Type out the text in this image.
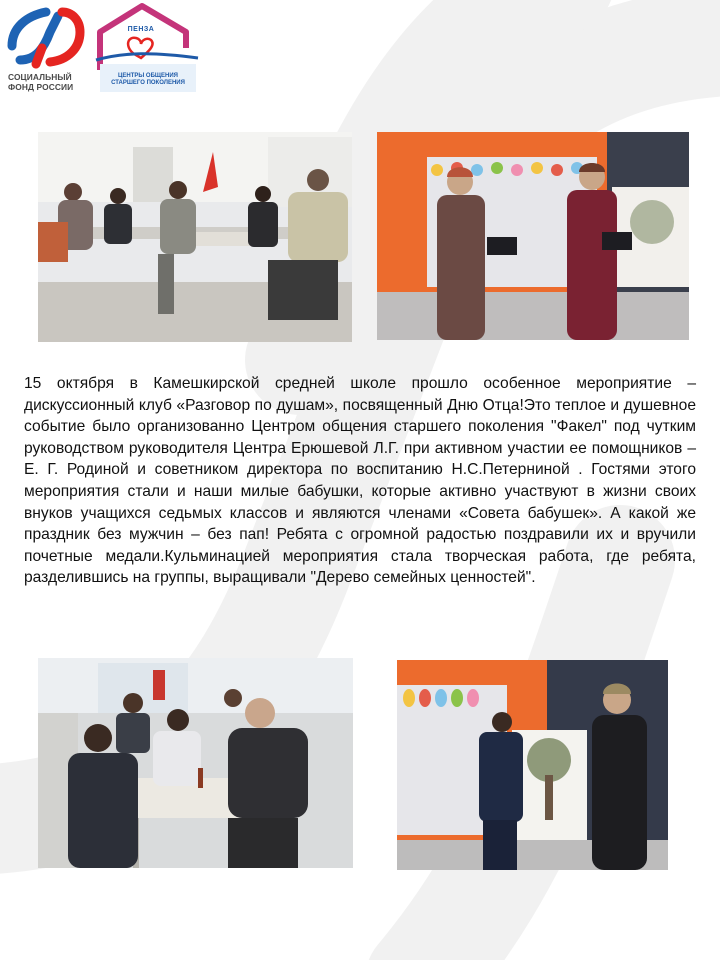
СОЦИАЛЬНЫЙ
ФОНД РОССИИ
ПЕНЗА
ЦЕНТРЫ ОБЩЕНИЯ
СТАРШЕГО ПОКОЛЕНИЯ
15 октября в Камешкирской средней школе прошло особенное мероприятие – дискуссионный клуб «Разговор по душам», посвященный Дню Отца!Это теплое и душевное событие было организованно Центром общения старшего поколения "Факел" под чутким руководством руководителя Центра Ерюшевой Л.Г. при активном участии ее помощников – Е. Г. Родиной и советником директора по воспитанию Н.С.Петерниной . Гостями этого мероприятия стали и наши милые бабушки, которые активно участвуют в жизни своих внуков учащихся седьмых классов и являются членами «Совета бабушек». А какой же праздник без мужчин – без пап! Ребята с огромной радостью поздравили их и вручили почетные медали.Кульминацией мероприятия стала творческая работа, где ребята, разделившись на группы, выращивали "Дерево семейных ценностей".
